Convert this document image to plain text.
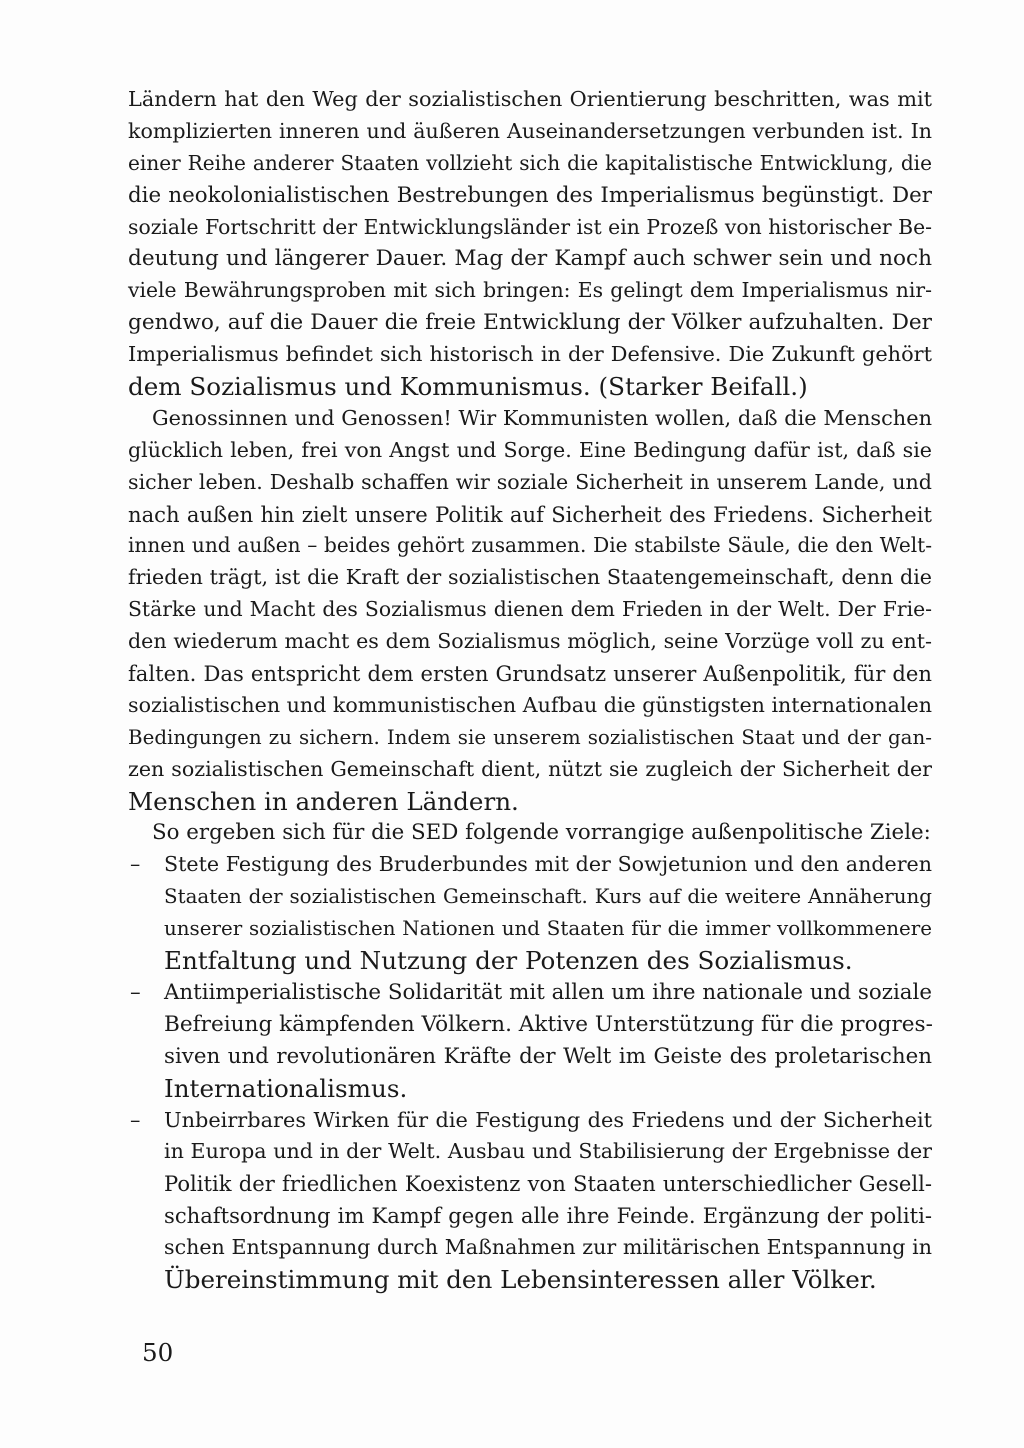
Ländern hat den Weg der sozialistischen Orientierung beschritten, was mit
komplizierten inneren und äußeren Auseinandersetzungen verbunden ist. In
einer Reihe anderer Staaten vollzieht sich die kapitalistische Entwicklung, die
die neokolonialistischen Bestrebungen des Imperialismus begünstigt. Der
soziale Fortschritt der Entwicklungsländer ist ein Prozeß von historischer Be-
deutung und längerer Dauer. Mag der Kampf auch schwer sein und noch
viele Bewährungsproben mit sich bringen: Es gelingt dem Imperialismus nir-
gendwo, auf die Dauer die freie Entwicklung der Völker aufzuhalten. Der
Imperialismus befindet sich historisch in der Defensive. Die Zukunft gehört
dem Sozialismus und Kommunismus. (Starker Beifall.)
Genossinnen und Genossen! Wir Kommunisten wollen, daß die Menschen
glücklich leben, frei von Angst und Sorge. Eine Bedingung dafür ist, daß sie
sicher leben. Deshalb schaffen wir soziale Sicherheit in unserem Lande, und
nach außen hin zielt unsere Politik auf Sicherheit des Friedens. Sicherheit
innen und außen – beides gehört zusammen. Die stabilste Säule, die den Welt-
frieden trägt, ist die Kraft der sozialistischen Staatengemeinschaft, denn die
Stärke und Macht des Sozialismus dienen dem Frieden in der Welt. Der Frie-
den wiederum macht es dem Sozialismus möglich, seine Vorzüge voll zu ent-
falten. Das entspricht dem ersten Grundsatz unserer Außenpolitik, für den
sozialistischen und kommunistischen Aufbau die günstigsten internationalen
Bedingungen zu sichern. Indem sie unserem sozialistischen Staat und der gan-
zen sozialistischen Gemeinschaft dient, nützt sie zugleich der Sicherheit der
Menschen in anderen Ländern.
So ergeben sich für die SED folgende vorrangige außenpolitische Ziele:
– Stete Festigung des Bruderbundes mit der Sowjetunion und den anderen
Staaten der sozialistischen Gemeinschaft. Kurs auf die weitere Annäherung
unserer sozialistischen Nationen und Staaten für die immer vollkommenere
Entfaltung und Nutzung der Potenzen des Sozialismus.
– Antiimperialistische Solidarität mit allen um ihre nationale und soziale
Befreiung kämpfenden Völkern. Aktive Unterstützung für die progres-
siven und revolutionären Kräfte der Welt im Geiste des proletarischen
Internationalismus.
– Unbeirrbares Wirken für die Festigung des Friedens und der Sicherheit
in Europa und in der Welt. Ausbau und Stabilisierung der Ergebnisse der
Politik der friedlichen Koexistenz von Staaten unterschiedlicher Gesell-
schaftsordnung im Kampf gegen alle ihre Feinde. Ergänzung der politi-
schen Entspannung durch Maßnahmen zur militärischen Entspannung in
Übereinstimmung mit den Lebensinteressen aller Völker.
50
